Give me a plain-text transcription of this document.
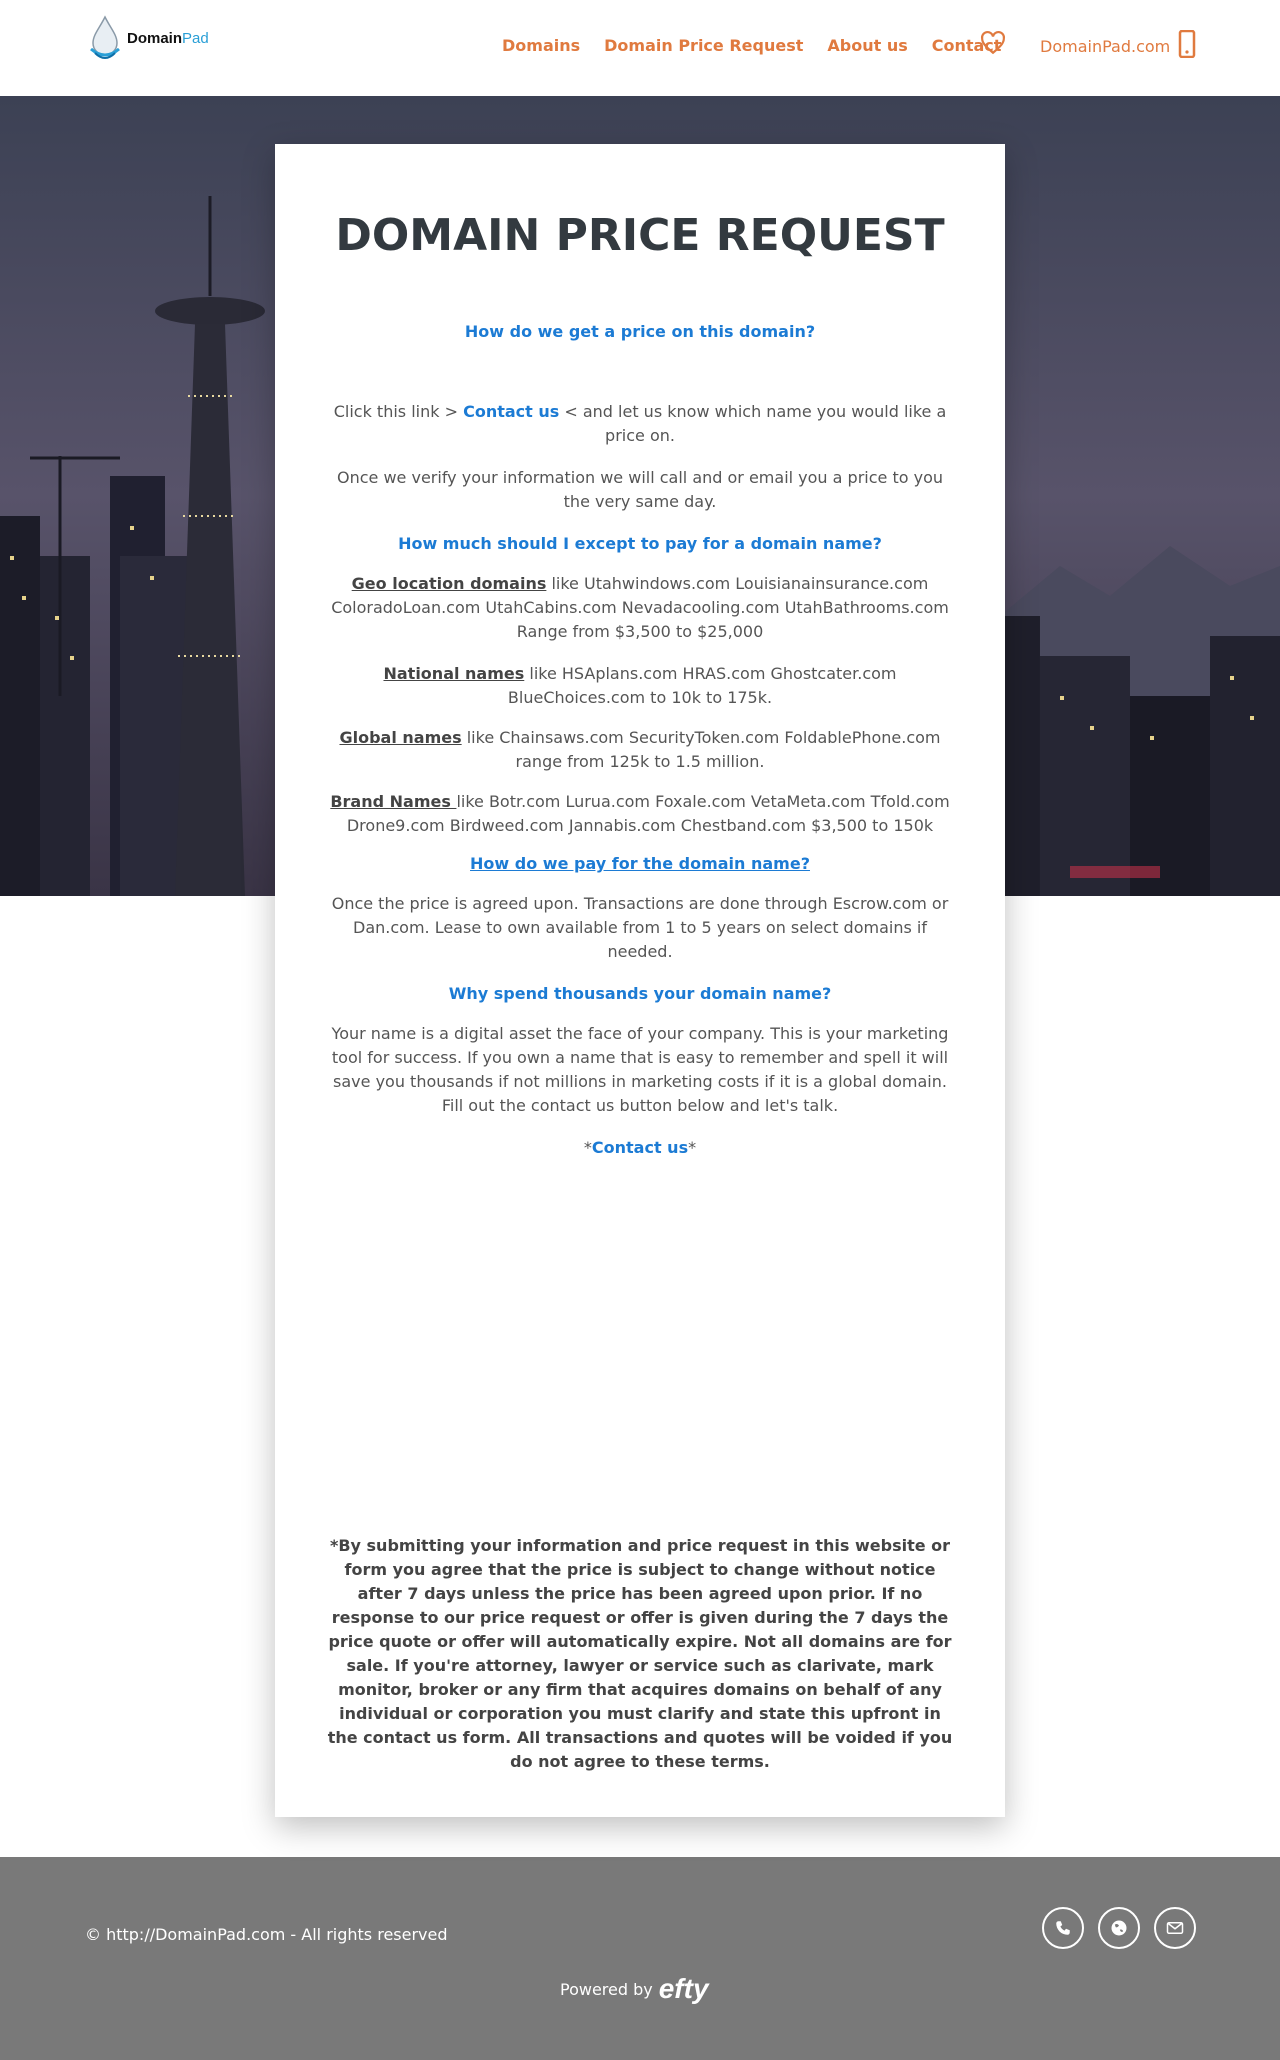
DomainPad	Domains Domain Price Request About us Contact DomainPad.com
DOMAIN PRICE REQUEST
How do we get a price on this domain?
Click this link > Contact us < and let us know which name you would like a price on.
Once we verify your information we will call and or email you a price to you the very same day.
How much should I except to pay for a domain name?
Geo location domains like Utahwindows.com Louisianainsurance.com ColoradoLoan.com UtahCabins.com Nevadacooling.com UtahBathrooms.com Range from $3,500 to $25,000
National names like HSAplans.com HRAS.com Ghostcater.com BlueChoices.com to 10k to 175k.
Global names like Chainsaws.com SecurityToken.com FoldablePhone.com range from 125k to 1.5 million.
Brand Names like Botr.com Lurua.com Foxale.com VetaMeta.com Tfold.com Drone9.com Birdweed.com Jannabis.com Chestband.com $3,500 to 150k
How do we pay for the domain name?
Once the price is agreed upon. Transactions are done through Escrow.com or Dan.com. Lease to own available from 1 to 5 years on select domains if needed.
Why spend thousands your domain name?
Your name is a digital asset the face of your company. This is your marketing tool for success. If you own a name that is easy to remember and spell it will save you thousands if not millions in marketing costs if it is a global domain. Fill out the contact us button below and let's talk.
*Contact us*
*By submitting your information and price request in this website or form you agree that the price is subject to change without notice after 7 days unless the price has been agreed upon prior. If no response to our price request or offer is given during the 7 days the price quote or offer will automatically expire. Not all domains are for sale. If you're attorney, lawyer or service such as clarivate, mark monitor, broker or any firm that acquires domains on behalf of any individual or corporation you must clarify and state this upfront in the contact us form. All transactions and quotes will be voided if you do not agree to these terms.
© http://DomainPad.com - All rights reserved
Powered by efty
